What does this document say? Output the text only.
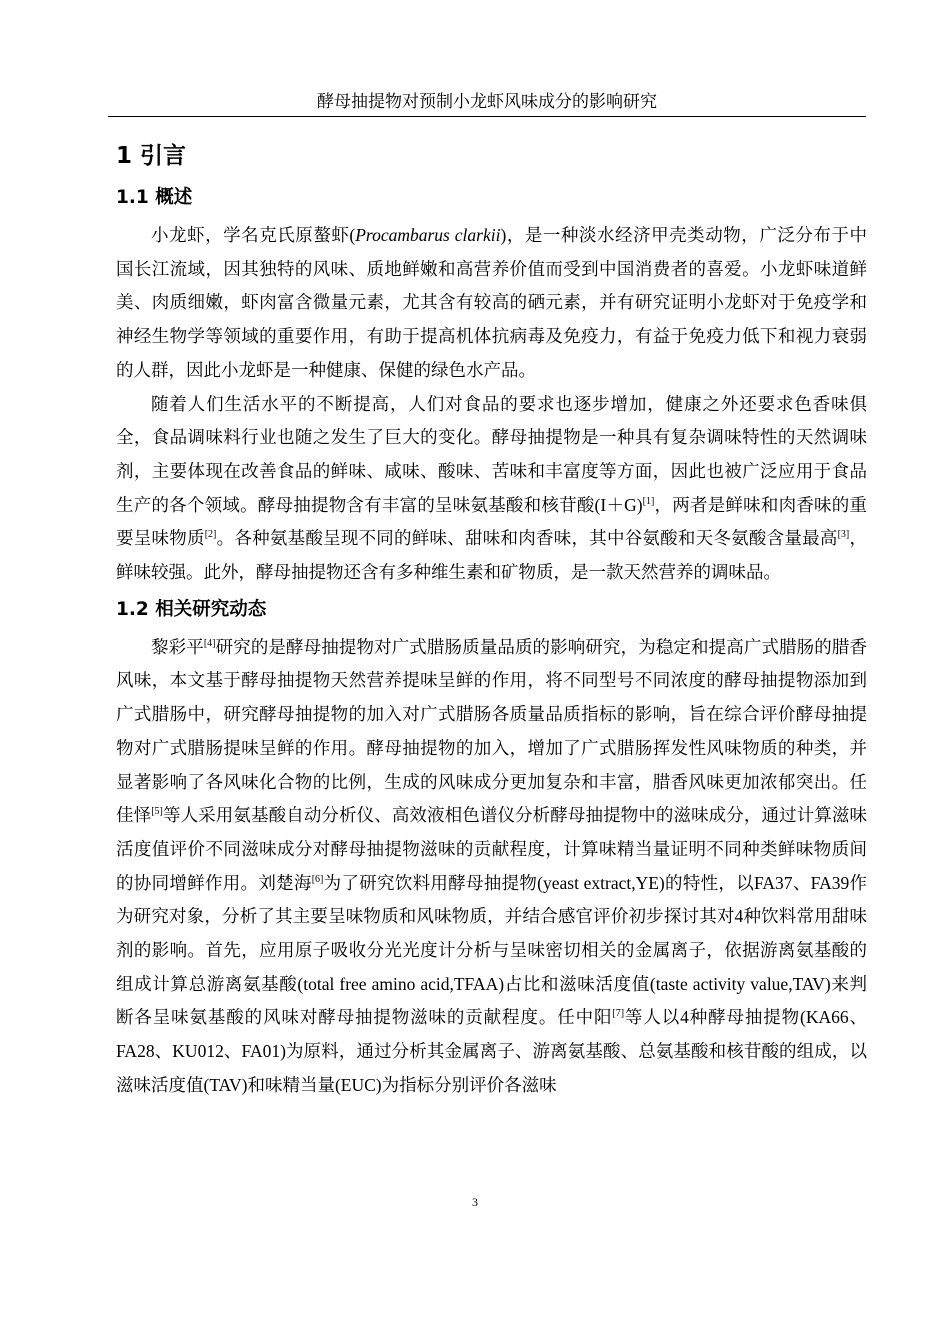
酵母抽提物对预制小龙虾风味成分的影响研究
1 引言
1.1 概述

小龙虾，学名克氏原螯虾(Procambarus clarkii)，是一种淡水经济甲壳类动物，广泛分布于中国长江流域，因其独特的风味、质地鲜嫩和高营养价值而受到中国消费者的喜爱。小龙虾味道鲜美、肉质细嫩，虾肉富含微量元素，尤其含有较高的硒元素，并有研究证明小龙虾对于免疫学和神经生物学等领域的重要作用，有助于提高机体抗病毒及免疫力，有益于免疫力低下和视力衰弱的人群，因此小龙虾是一种健康、保健的绿色水产品。

随着人们生活水平的不断提高，人们对食品的要求也逐步增加，健康之外还要求色香味俱全，食品调味料行业也随之发生了巨大的变化。酵母抽提物是一种具有复杂调味特性的天然调味剂，主要体现在改善食品的鲜味、咸味、酸味、苦味和丰富度等方面，因此也被广泛应用于食品生产的各个领域。酵母抽提物含有丰富的呈味氨基酸和核苷酸(I＋G)[1]，两者是鲜味和肉香味的重要呈味物质[2]。各种氨基酸呈现不同的鲜味、甜味和肉香味，其中谷氨酸和天冬氨酸含量最高[3]，鲜味较强。此外，酵母抽提物还含有多种维生素和矿物质，是一款天然营养的调味品。

1.2 相关研究动态

黎彩平[4]研究的是酵母抽提物对广式腊肠质量品质的影响研究，为稳定和提高广式腊肠的腊香风味，本文基于酵母抽提物天然营养提味呈鲜的作用，将不同型号不同浓度的酵母抽提物添加到广式腊肠中，研究酵母抽提物的加入对广式腊肠各质量品质指标的影响，旨在综合评价酵母抽提物对广式腊肠提味呈鲜的作用。酵母抽提物的加入，增加了广式腊肠挥发性风味物质的种类，并显著影响了各风味化合物的比例，生成的风味成分更加复杂和丰富，腊香风味更加浓郁突出。任佳怿[5]等人采用氨基酸自动分析仪、高效液相色谱仪分析酵母抽提物中的滋味成分，通过计算滋味活度值评价不同滋味成分对酵母抽提物滋味的贡献程度，计算味精当量证明不同种类鲜味物质间的协同增鲜作用。刘楚海[6]为了研究饮料用酵母抽提物(yeast extract,YE)的特性，以FA37、FA39作为研究对象，分析了其主要呈味物质和风味物质，并结合感官评价初步探讨其对4种饮料常用甜味剂的影响。首先，应用原子吸收分光光度计分析与呈味密切相关的金属离子，依据游离氨基酸的组成计算总游离氨基酸(total free amino acid,TFAA)占比和滋味活度值(taste activity value,TAV)来判断各呈味氨基酸的风味对酵母抽提物滋味的贡献程度。任中阳[7]等人以4种酵母抽提物(KA66、FA28、KU012、FA01)为原料，通过分析其金属离子、游离氨基酸、总氨基酸和核苷酸的组成，以滋味活度值(TAV)和味精当量(EUC)为指标分别评价各滋味

3
